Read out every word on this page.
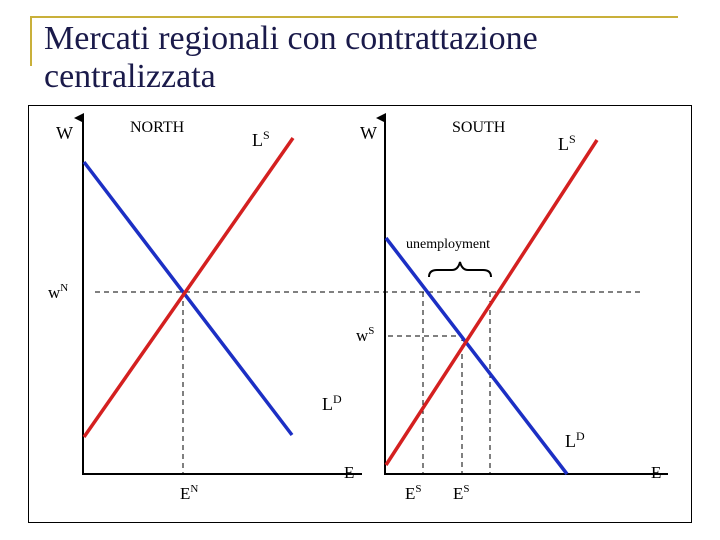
Mercati regionali con contrattazione centralizzata
W	NORTH
$L^S$
$w^N$
$L^D$
E
$E^N$
W	SOUTH
$L^S$
unemployment
$w^S$
$L^D$
E
$E^S$ $E^S$
